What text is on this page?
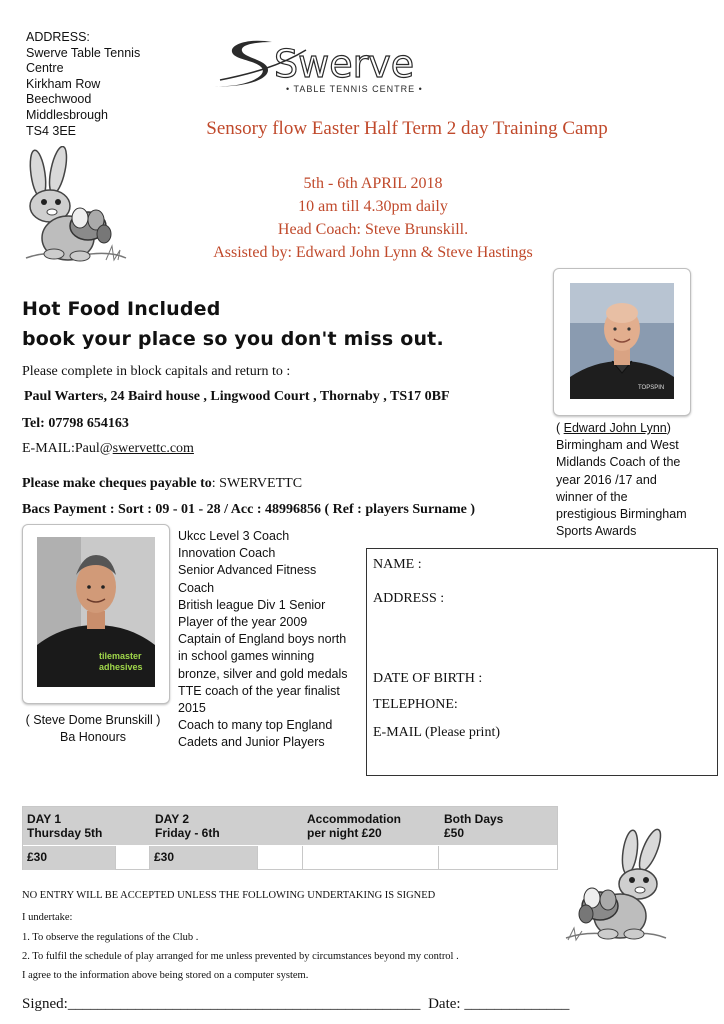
ADDRESS:
Swerve Table Tennis
Centre
Kirkham Row
Beechwood
Middlesbrough
TS4 3EE
Swerve
• TABLE TENNIS CENTRE •
Sensory flow Easter Half Term 2 day Training Camp
5th - 6th APRIL 2018
10 am till 4.30pm daily
Head Coach: Steve Brunskill.
Assisted by: Edward John Lynn & Steve Hastings
Hot Food Included
book your place so you don't miss out.
Please complete in block capitals and return to :
Paul Warters, 24 Baird house , Lingwood Court , Thornaby , TS17 0BF
Tel: 07798 654163
E-MAIL:Paul@swervettc.com
Please make cheques payable to: SWERVETTC
Bacs Payment : Sort : 09 - 01 - 28 / Acc : 48996856 ( Ref : players Surname )
TOPSPIN
( Edward John Lynn)
Birmingham and West
Midlands Coach of the
year 2016 /17 and
winner of the
prestigious Birmingham
Sports Awards
tilemaster
adhesives
Ukcc Level 3 Coach
Innovation Coach
Senior Advanced Fitness
Coach
British league Div 1 Senior
Player of the year 2009
Captain of England boys north
in school games winning
bronze, silver and gold medals
TTE coach of the year finalist
2015
Coach to many top England
Cadets and Junior Players
( Steve Dome Brunskill )
Ba Honours
NAME :
ADDRESS :
DATE OF BIRTH :
TELEPHONE:
E-MAIL (Please print)
DAY 1
Thursday 5th
DAY 2
Friday - 6th
Accommodation
per night £20
Both Days
£50
£30	£30
NO ENTRY WILL BE ACCEPTED UNLESS THE FOLLOWING UNDERTAKING IS SIGNED
I undertake:
1. To observe the regulations of the Club .
2. To fulfil the schedule of play arranged for me unless prevented by circumstances beyond my control .
I agree to the information above being stored on a computer system.
Signed:_______________________________________________ Date: ______________
